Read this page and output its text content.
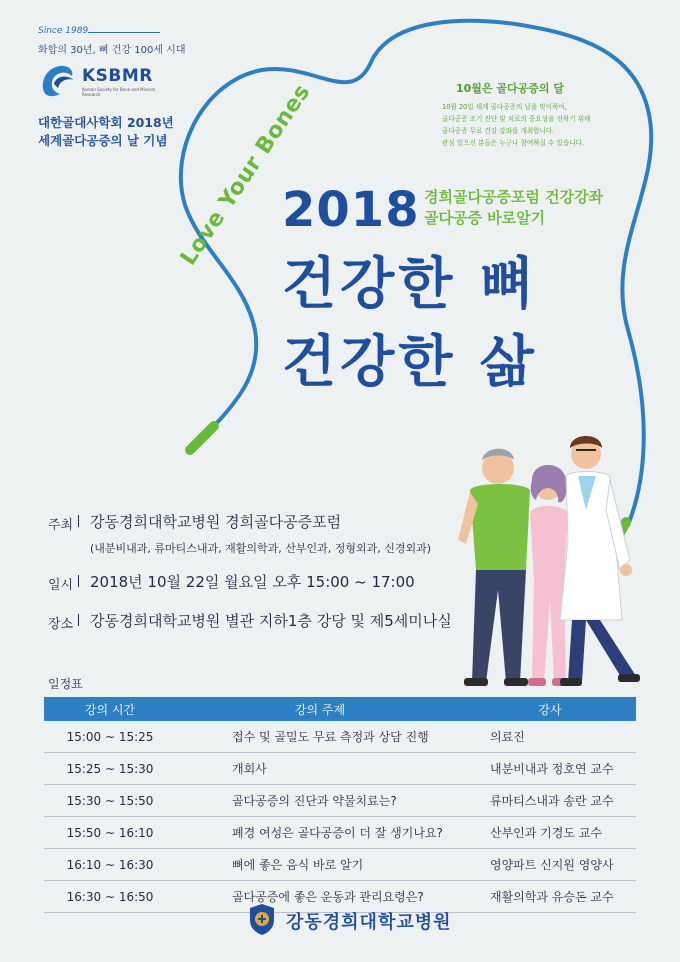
Since 1989
화합의 30년, 뼈 건강 100세 시대
KSBMR
Korean Society for Bone and Mineral Research
대한골대사학회 2018년
세계골다공증의 날 기념 Love Your Bones	10월은 골다공증의 달
10월 20일 세계 골다공증의 날을 맞이하여,
골다공증 조기 진단 및 치료의 중요성을 전하기 위해
골다공증 무료 건강 강좌를 개최합니다.
관심 있으신 분들은 누구나 참여하실 수 있습니다.
2018 경희골다공증포럼 건강강좌
골다공증 바로알기
건강한 뼈
건강한 삶
주최 강동경희대학교병원 경희골다공증포럼
(내분비내과, 류마티스내과, 재활의학과, 산부인과, 정형외과, 신경외과)
일시 2018년 10월 22일 월요일 오후 15:00 ~ 17:00
장소 강동경희대학교병원 별관 지하1층 강당 및 제5세미나실
일정표
강의 시간	강의 주제	강사
15:00 ~ 15:25	접수 및 골밀도 무료 측정과 상담 진행	의료진
15:25 ~ 15:30	개회사	내분비내과 정호연 교수
15:30 ~ 15:50	골다공증의 진단과 약물치료는?	류마티스내과 송란 교수
15:50 ~ 16:10	폐경 여성은 골다공증이 더 잘 생기나요?	산부인과 기경도 교수
16:10 ~ 16:30	뼈에 좋은 음식 바로 알기	영양파트 신지원 영양사
16:30 ~ 16:50	골다공증에 좋은 운동과 관리요령은?	재활의학과 유승돈 교수
강동경희대학교병원
